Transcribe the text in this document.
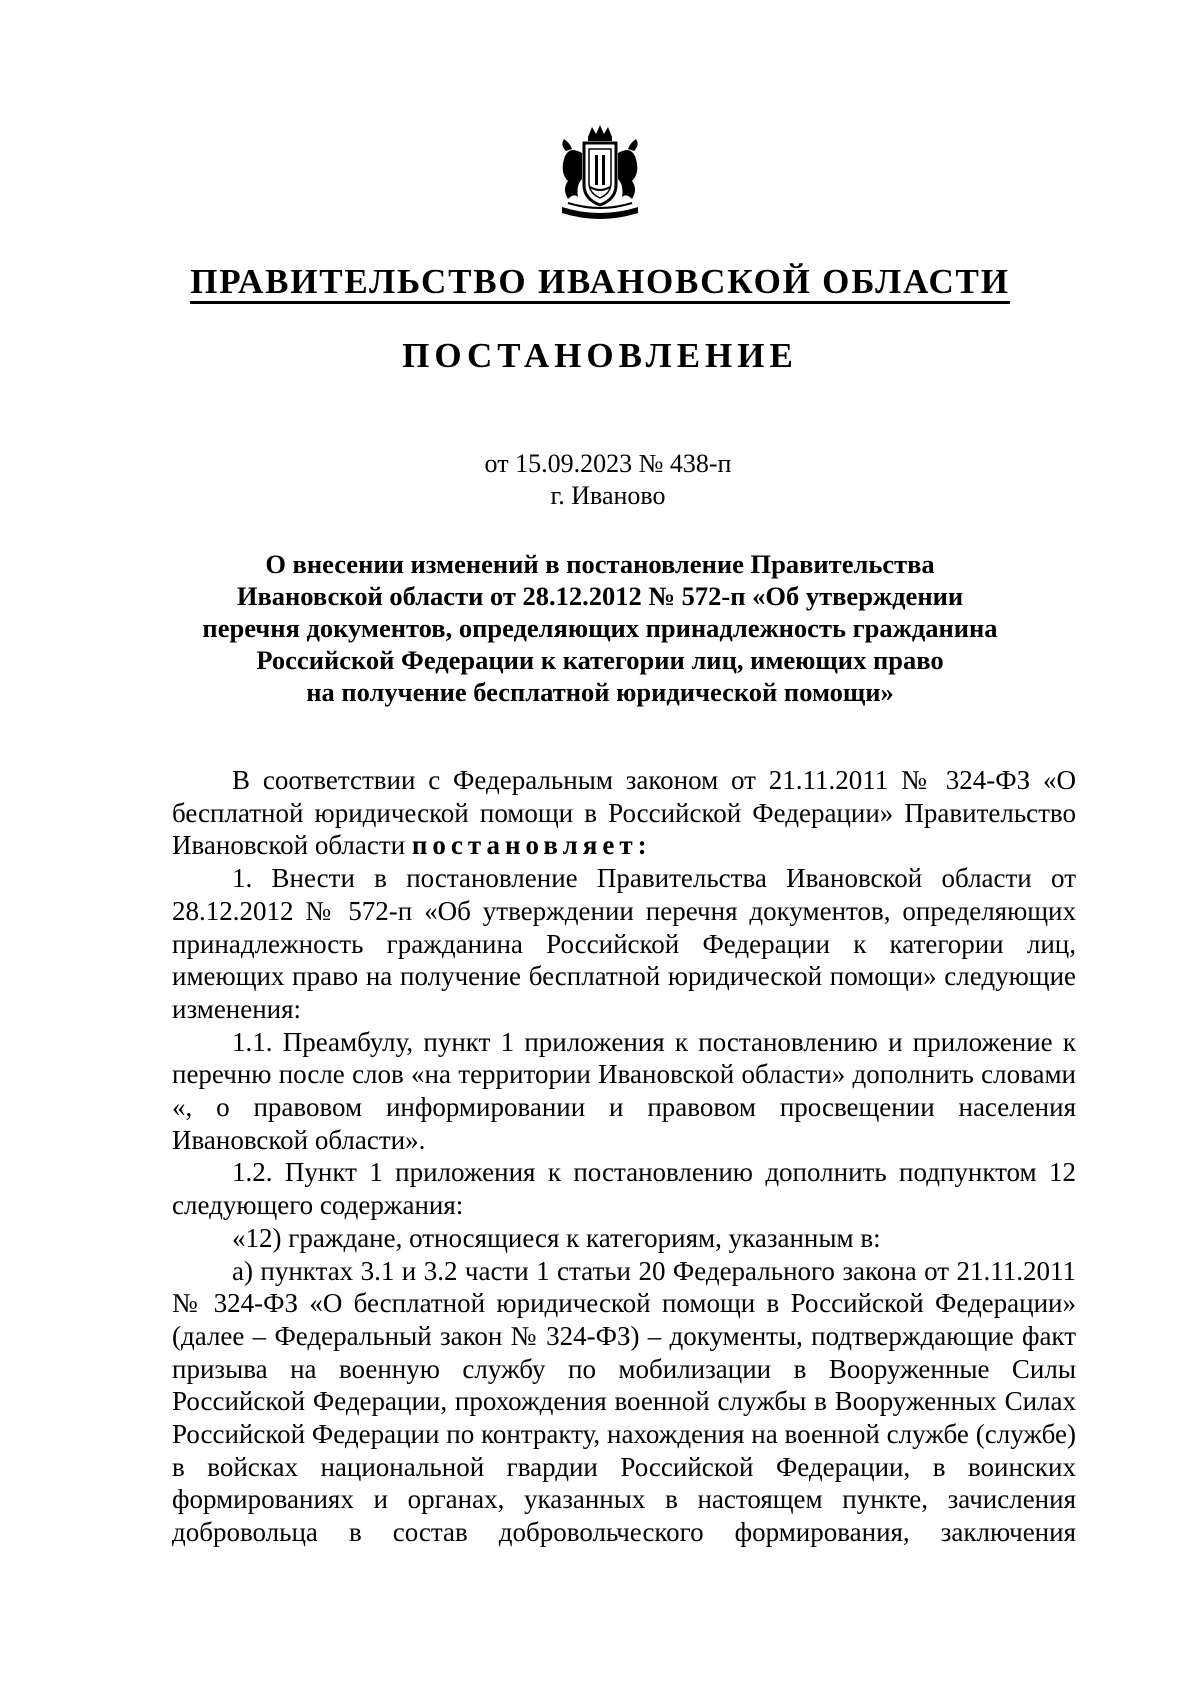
ПРАВИТЕЛЬСТВО ИВАНОВСКОЙ ОБЛАСТИ
ПОСТАНОВЛЕНИЕ
от 15.09.2023 № 438-п
г. Иваново
О внесении изменений в постановление Правительства
Ивановской области от 28.12.2012 № 572-п «Об утверждении
перечня документов, определяющих принадлежность гражданина
Российской Федерации к категории лиц, имеющих право
на получение бесплатной юридической помощи»

В соответствии с Федеральным законом от 21.11.2011 № 324-ФЗ «О бесплатной юридической помощи в Российской Федерации» Правительство Ивановской области постановляет:

1. Внести в постановление Правительства Ивановской области от 28.12.2012 № 572-п «Об утверждении перечня документов, определяющих принадлежность гражданина Российской Федерации к категории лиц, имеющих право на получение бесплатной юридической помощи» следующие изменения:

1.1. Преамбулу, пункт 1 приложения к постановлению и приложение к перечню после слов «на территории Ивановской области» дополнить словами «, о правовом информировании и правовом просвещении населения Ивановской области».

1.2. Пункт 1 приложения к постановлению дополнить подпунктом 12 следующего содержания:

«12) граждане, относящиеся к категориям, указанным в:

а) пунктах 3.1 и 3.2 части 1 статьи 20 Федерального закона от 21.11.2011 № 324-ФЗ «О бесплатной юридической помощи в Российской Федерации» (далее – Федеральный закон № 324-ФЗ) – документы, подтверждающие факт призыва на военную службу по мобилизации в Вооруженные Силы Российской Федерации, прохождения военной службы в Вооруженных Силах Российской Федерации по контракту, нахождения на военной службе (службе) в войсках национальной гвардии Российской Федерации, в воинских формированиях и органах, указанных в настоящем пункте, зачисления добровольца в состав добровольческого формирования, заключения
